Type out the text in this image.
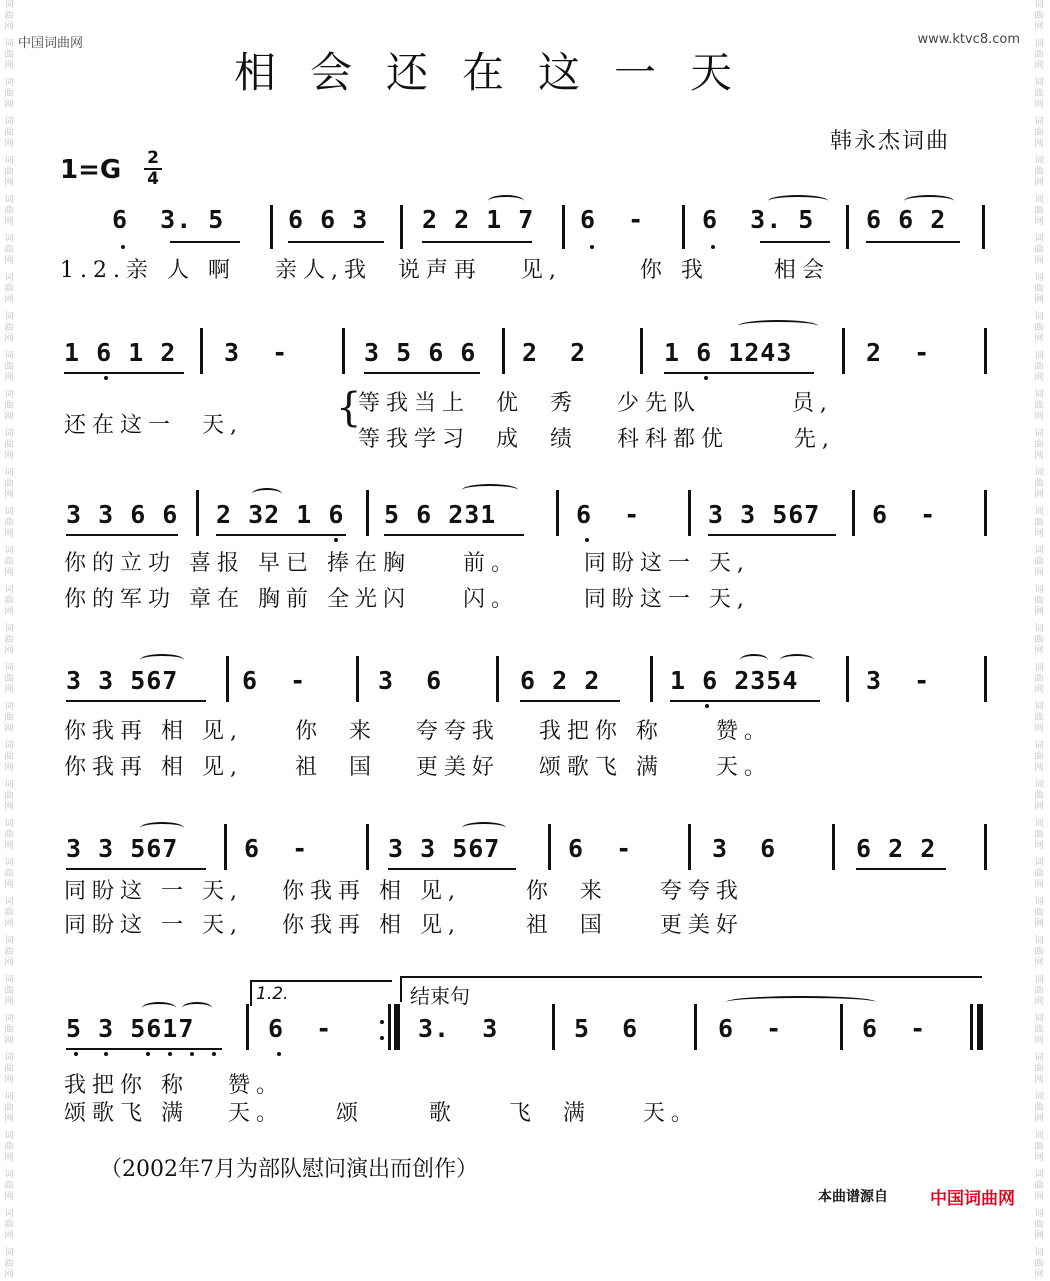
词
曲
网
词
曲
网
词
曲
网
词
曲
网
词
曲
网
词
曲
网
词
曲
网
词
曲
网
词
曲
网
词
曲
网
词
曲
网
词
曲
网
词
曲
网
词
曲
网
词
曲
网
词
曲
网
词
曲
网
词
曲
网
词
曲
网
词
曲
网
词
曲
网
词
曲
网
词
曲
网
词
曲
网
词
曲
网
词
曲
网
词
曲
网
词
曲
网
词
曲
网
词
曲
网
词
曲
网
词
曲
网
词
曲
网
词
曲
网
词
曲
网
词
曲
网
词
曲
网
词
曲
网
词
曲
网
词
曲
网
词
曲
网
词
曲
网
词
曲
网
词
曲
网
词
曲
网
词
曲
网
词
曲
网
词
曲
网
词
曲
网
词
曲
网
词
曲
网
词
曲
网
词
曲
网
词
曲
网
词
曲
网
词
曲
网
词
曲
网
词
曲
网
词
曲
网
词
曲
网
词
曲
网
词
曲
网
词
曲
网
词
曲
网
词
曲
网
词
曲
网
中国词曲网	www.ktvc8.com
相会还在这一天
韩永杰词曲
1=G 2
4
6  3. 5	6 6 3 2 2 1 7 6  - 6  3. 5 6 6 2
1.2.亲 人 啊   亲人,我  说声再   见,      你 我     相会
1 6 1 2 3  -	3 5 6 6 2  2	1 6 1243	2  -
{
还在这一  天,
等我当上  优  秀   少先队       员,
等我学习  成  绩   科科都优     先,
3 3 6 6 2 32 1 6 5 6 231	6  -	3 3 567 6  -
你的立功 喜报 早已 捧在胸    前。     同盼这一 天,
你的军功 章在 胸前 全光闪    闪。     同盼这一 天,
3 3 567	6  -	3  6	6 2 2	1 6 2354	3  -
你我再 相 见,    你  来   夸夸我   我把你 称    赞。
你我再 相 见,    祖  国   更美好   颂歌飞 满    天。
3 3 567	6  -	3 3 567	6  -	3  6	6 2 2
同盼这 一 天,   你我再 相 见,     你  来    夸夸我
同盼这 一 天,   你我再 相 见,     祖  国    更美好
1.2.	结束句
5 3 5617	6  -	3.  3	5  6	6  -	6  -
我把你 称   赞。
颂歌飞 满   天。    颂     歌    飞  满    天。
（2002年7月为部队慰问演出而创作）
本曲谱源自 中国词曲网
